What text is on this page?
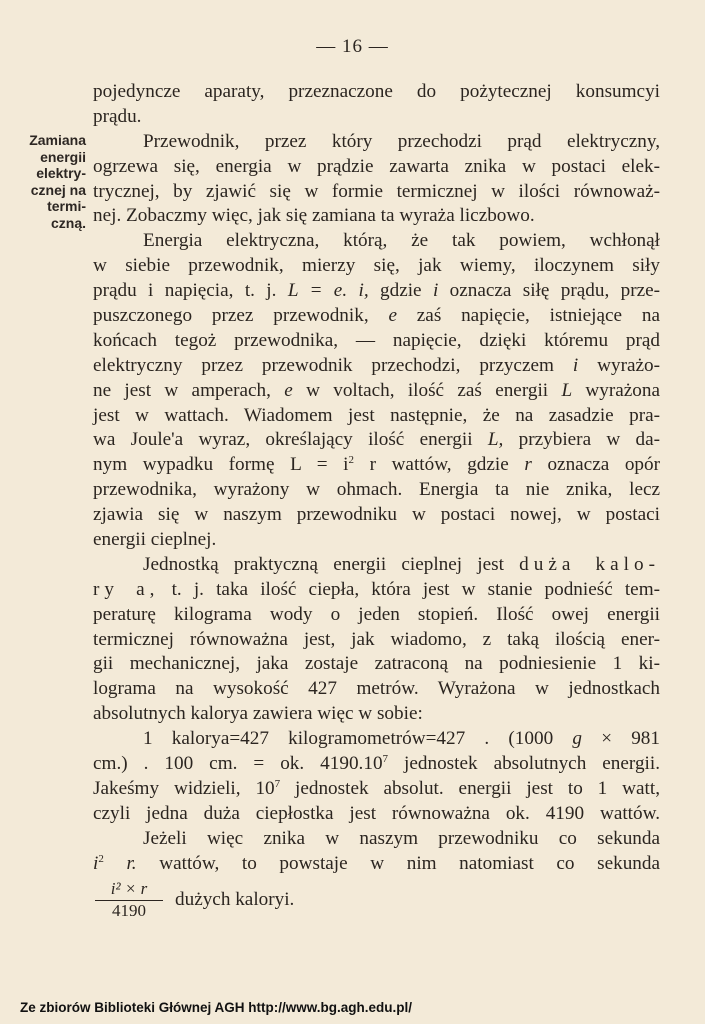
— 16 —
Zamiana
energii
elektry-
cznej na
termi-
czną.
pojedyncze aparaty, przeznaczone do pożytecznej konsumcyi
prądu.
Przewodnik, przez który przechodzi prąd elektryczny,
ogrzewa się, energia w prądzie zawarta znika w postaci elek-
trycznej, by zjawić się w formie termicznej w ilości równoważ-
nej. Zobaczmy więc, jak się zamiana ta wyraża liczbowo.
Energia elektryczna, którą, że tak powiem, wchłonął
w siebie przewodnik, mierzy się, jak wiemy, iloczynem siły
prądu i napięcia, t. j. L = e. i, gdzie i oznacza siłę prądu, prze-
puszczonego przez przewodnik, e zaś napięcie, istniejące na
końcach tegoż przewodnika, — napięcie, dzięki któremu prąd
elektryczny przez przewodnik przechodzi, przyczem i wyrażo-
ne jest w amperach, e w voltach, ilość zaś energii L wyrażona
jest w wattach. Wiadomem jest następnie, że na zasadzie pra-
wa Joule'a wyraz, określający ilość energii L, przybiera w da-
nym wypadku formę $L = i^2$ r wattów, gdzie r oznacza opór
przewodnika, wyrażony w ohmach. Energia ta nie znika, lecz
zjawia się w naszym przewodniku w postaci nowej, w postaci
energii cieplnej.
Jednostką praktyczną energii cieplnej jest duża kalo-
ry a, t. j. taka ilość ciepła, która jest w stanie podnieść tem-
peraturę kilograma wody o jeden stopień. Ilość owej energii
termicznej równoważna jest, jak wiadomo, z taką ilością ener-
gii mechanicznej, jaka zostaje zatraconą na podniesienie 1 ki-
lograma na wysokość 427 metrów. Wyrażona w jednostkach
absolutnych kalorya zawiera więc w sobie:
1 kalorya=427 kilogramometrów=427 . (1000 g × 981
cm.) . 100 cm. = ok. 4190.10$^7$ jednostek absolutnych energii.
Jakeśmy widzieli, $10^7$ jednostek absolut. energii jest to 1 watt,
czyli jedna duża ciepłostka jest równoważna ok. 4190 wattów.
Jeżeli więc znika w naszym przewodniku co sekunda
$i^2$ r. wattów, to powstaje w nim natomiast co sekunda
i² × r
4190
dużych kaloryi.
Ze zbiorów Biblioteki Głównej AGH http://www.bg.agh.edu.pl/
